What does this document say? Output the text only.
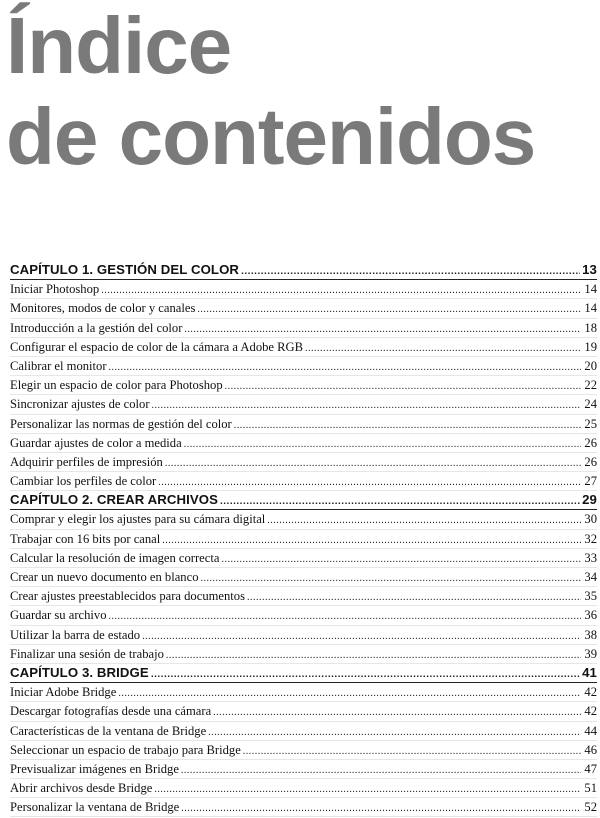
Índice
de contenidos
CAPÍTULO 1. GESTIÓN DEL COLOR .....	13
Iniciar Photoshop .....	14
Monitores, modos de color y canales .....	14
Introducción a la gestión del color .....	18
Configurar el espacio de color de la cámara a Adobe RGB .....	19
Calibrar el monitor .....	20
Elegir un espacio de color para Photoshop .....	22
Sincronizar ajustes de color .....	24
Personalizar las normas de gestión del color .....	25
Guardar ajustes de color a medida .....	26
Adquirir perfiles de impresión .....	26
Cambiar los perfiles de color .....	27
CAPÍTULO 2. CREAR ARCHIVOS .....	29
Comprar y elegir los ajustes para su cámara digital .....	30
Trabajar con 16 bits por canal .....	32
Calcular la resolución de imagen correcta .....	33
Crear un nuevo documento en blanco .....	34
Crear ajustes preestablecidos para documentos .....	35
Guardar su archivo .....	36
Utilizar la barra de estado .....	38
Finalizar una sesión de trabajo .....	39
CAPÍTULO 3. BRIDGE .....	41
Iniciar Adobe Bridge .....	42
Descargar fotografías desde una cámara .....	42
Características de la ventana de Bridge .....	44
Seleccionar un espacio de trabajo para Bridge .....	46
Previsualizar imágenes en Bridge .....	47
Abrir archivos desde Bridge .....	51
Personalizar la ventana de Bridge .....	52
